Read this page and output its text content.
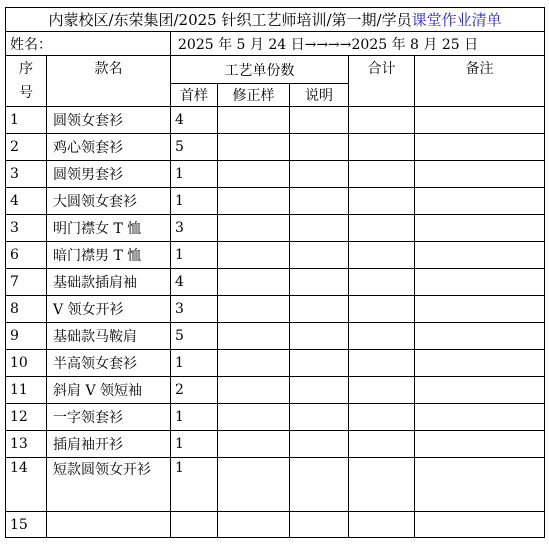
内蒙校区/东荣集团/2025 针织工艺师培训/第一期/学员课堂作业清单						
姓名：		2025 年 5 月 24 日→→→→2025 年 8 月 25 日				
序
号	款名	工艺单份数			合计	备注
		首样	修正样	说明		
1	圆领女套衫	4				
2	鸡心领套衫	5				
3	圆领男套衫	1				
4	大圆领女套衫	1				
3	明门襟女 T 恤	3				
6	暗门襟男 T 恤	1				
7	基础款插肩袖	4				
8	V 领女开衫	3				
9	基础款马鞍肩	5				
10	半高领女套衫	1				
11	斜肩 V 领短袖	2				
12	一字领套衫	1				
13	插肩袖开衫	1				
14	短款圆领女开衫	1				
15						
